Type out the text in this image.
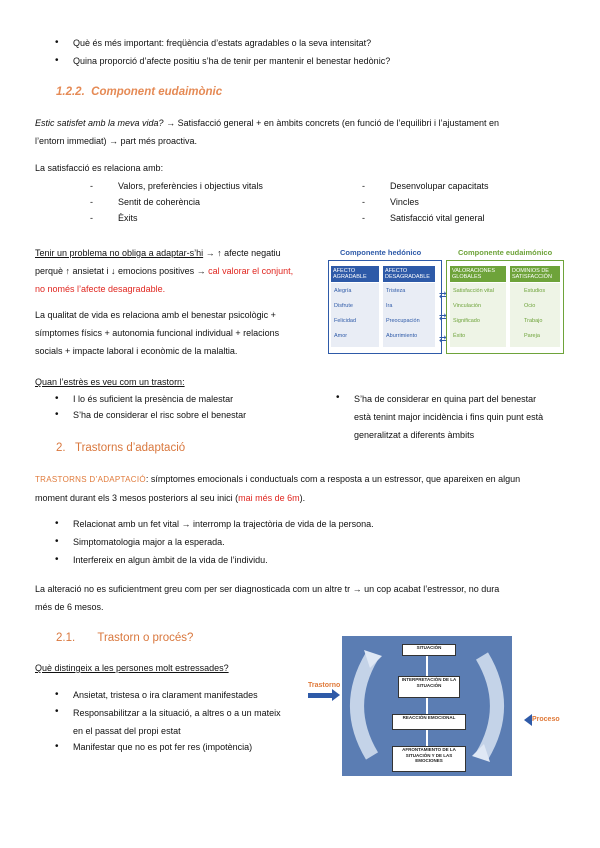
• Què és més important: freqüència d’estats agradables o la seva intensitat?
• Quina proporció d’afecte positiu s’ha de tenir per mantenir el benestar hedònic?
1.2.2. Component eudaimònic
Estic satisfet amb la meva vida? → Satisfacció general + en àmbits concrets (en funció de l’equilibri i l’ajustament en
l’entorn immediat) → part més proactiva.
La satisfacció es relaciona amb:
- Valors, preferències i objectius vitals
- Sentit de coherència
- Èxits
- Desenvolupar capacitats
- Vincles
- Satisfacció vital general
Tenir un problema no obliga a adaptar-s’hi → ↑ afecte negatiu
perquè ↑ ansietat i ↓ emocions positives → cal valorar el conjunt,
no només l’afecte desagradable.
La qualitat de vida es relaciona amb el benestar psicològic +
símptomes físics + autonomia funcional individual + relacions
socials + impacte laboral i econòmic de la malaltia.
Componente hedónico	Componente eudaimónico
AFECTO AGRADABLE
Alegría
Disfrute
Felicidad
Amor
AFECTO DESAGRADABLE
Tristeza
Ira
Preocupación
Aburrimiento
VALORACIONES GLOBALES
Satisfacción vital
Vinculación
Significado
Éxito
DOMINIOS DE SATISFACCIÓN
Estudios
Ocio
Trabajo
Pareja
⇄
⇄
⇄
Quan l’estrès es veu com un trastorn:
• I lo és suficient la presència de malestar
• S’ha de considerar el risc sobre el benestar
• S’ha de considerar en quina part del benestar
està tenint major incidència i fins quin punt està
generalitzat a diferents àmbits
2. Trastorns d’adaptació
TRASTORNS D’ADAPTACIÓ: símptomes emocionals i conductuals com a resposta a un estressor, que apareixen en algun
moment durant els 3 mesos posteriors al seu inici (mai més de 6m).
• Relacionat amb un fet vital → interromp la trajectòria de vida de la persona.
• Simptomatologia major a la esperada.
• Interfereix en algun àmbit de la vida de l’individu.
La alteració no es suficientment greu com per ser diagnosticada com un altre tr → un cop acabat l’estressor, no dura
més de 6 mesos.
2.1. Trastorn o procés?
Què distingeix a les persones molt estressades?
• Ansietat, tristesa o ira clarament manifestades
• Responsabilitzar a la situació, a altres o a un mateix
en el passat del propi estat
• Manifestar que no es pot fer res (impotència)
SITUACIÓN
INTERPRETACIÓN DE LA SITUACIÓN
REACCIÓN EMOCIONAL
AFRONTAMIENTO DE LA SITUACIÓN Y DE LAS EMOCIONES
Trastorno
Proceso
